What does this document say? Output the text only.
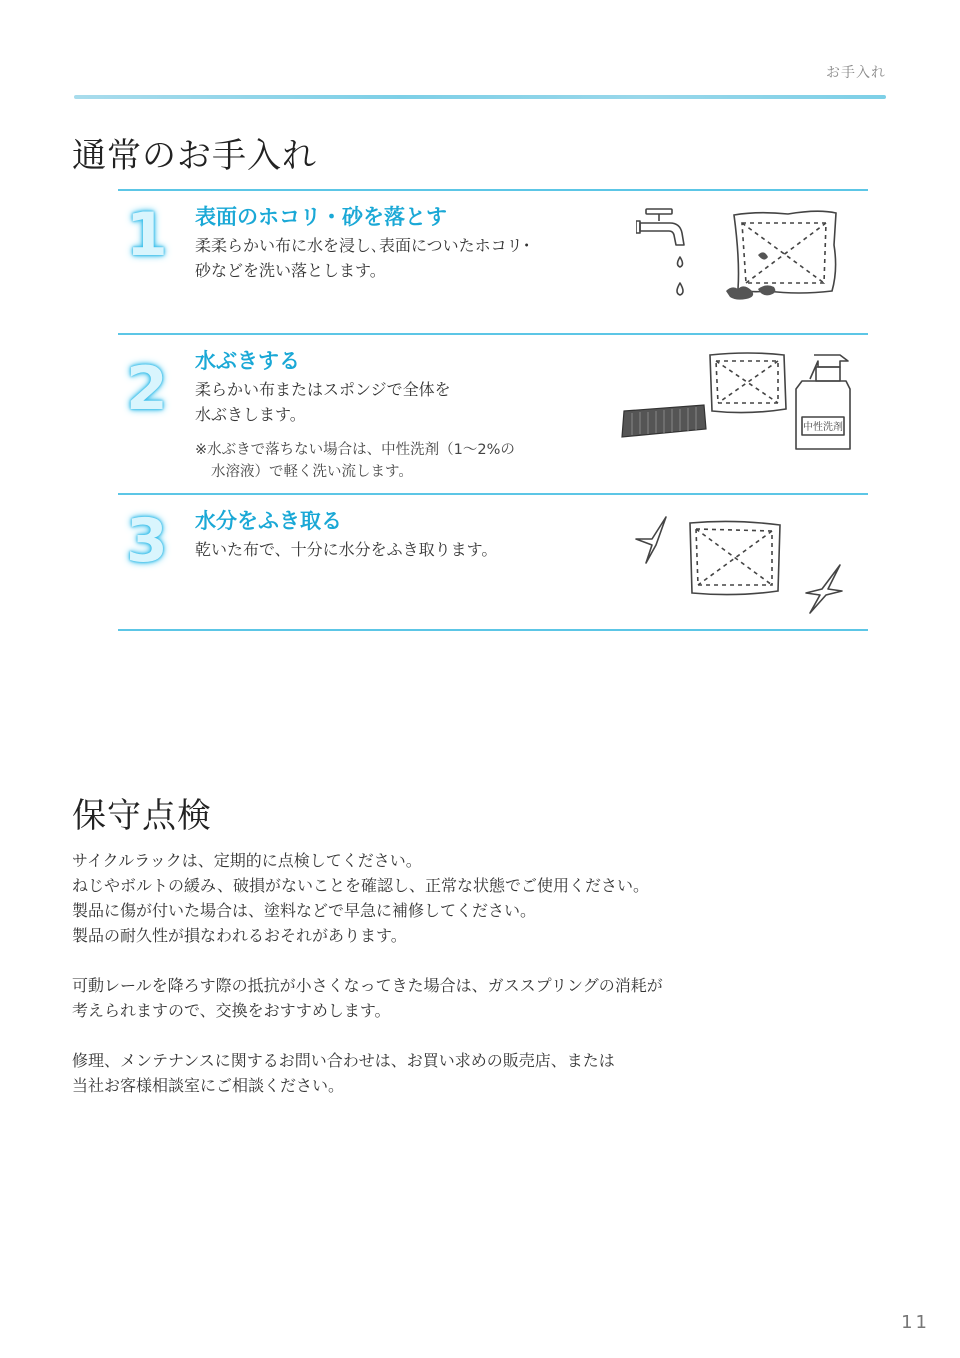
お手入れ
通常のお手入れ
1 表面のホコリ・砂を落とす
柔柔らかい布に水を浸し､表面についたホコリ･
砂などを洗い落とします。
2 水ぶきする
柔らかい布またはスポンジで全体を
水ぶきします。
※水ぶきで落ちない場合は、中性洗剤（1〜2%の
水溶液）で軽く洗い流します。
中性洗剤
3 水分をふき取る
乾いた布で、十分に水分をふき取ります。
保守点検
サイクルラックは、定期的に点検してください。
ねじやボルトの緩み、破損がないことを確認し、正常な状態でご使用ください。
製品に傷が付いた場合は、塗料などで早急に補修してください。
製品の耐久性が損なわれるおそれがあります。
可動レールを降ろす際の抵抗が小さくなってきた場合は、ガススプリングの消耗が
考えられますので、交換をおすすめします。
修理、メンテナンスに関するお問い合わせは、お買い求めの販売店、または
当社お客様相談室にご相談ください。
11
